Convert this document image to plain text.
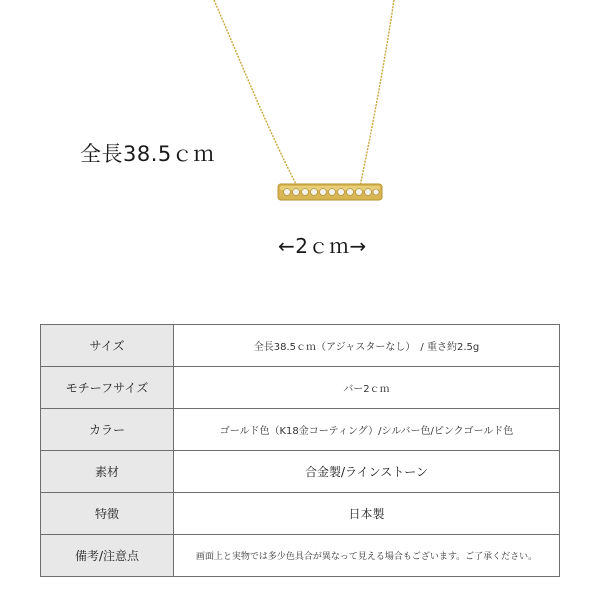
全長38.5ｃｍ
←2ｃｍ→
サイズ	全長38.5ｃｍ（アジャスターなし）　/ 重さ約2.5g
モチーフサイズ	バー2ｃｍ
カラー	ゴールド色（K18金コーティング）/シルバー色/ピンクゴールド色
素材	合金製/ラインストーン
特徴	日本製
備考/注意点	画面上と実物では多少色具合が異なって見える場合もございます。ご了承ください。
